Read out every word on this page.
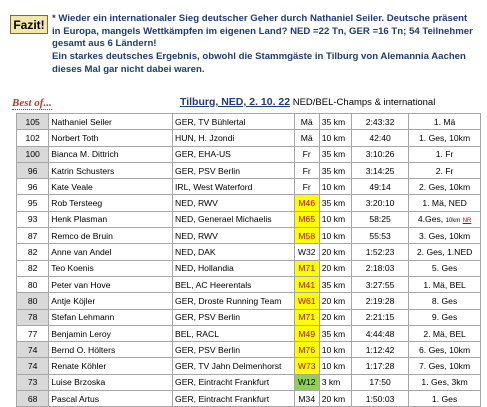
Fazit! * Wieder ein internationaler Sieg deutscher Geher durch Nathaniel Seiler. Deutsche präsent
in Europa, mangels Wettkämpfen im eigenen Land? NED =22 Tn, GER =16 Tn; 54 Teilnehmer
gesamt aus 6 Ländern!
Ein starkes deutsches Ergebnis, obwohl die Stammgäste in Tilburg von Alemannia Aachen
dieses Mal gar nicht dabei waren.
Best of...	Tilburg, NED, 2. 10. 22 NED/BEL-Champs & international
105	Nathaniel Seiler	GER, TV Bühlertal	Mä	35 km	2:43:32	1. Mä
102	Norbert Toth	HUN, H. Jzondi	Mä	10 km	42:40	1. Ges, 10km
100	Bianca M. Dittrich	GER, EHA-US	Fr	35 km	3:10:26	1. Fr
96	Katrin Schusters	GER, PSV Berlin	Fr	35 km	3:14:25	2. Fr
96	Kate Veale	IRL, West Waterford	Fr	10 km	49:14	2. Ges, 10km
95	Rob Tersteeg	NED, RWV	M46	35 km	3:20:10	1. Mä, NED
93	Henk Plasman	NED, Generael Michaelis	M65	10 km	58:25	4.Ges, 10km NR
87	Remco de Bruin	NED, RWV	M58	10 km	55:53	3. Ges, 10km
82	Anne van Andel	NED, DAK	W32	20 km	1:52:23	2. Ges, 1.NED
82	Teo Koenis	NED, Hollandia	M71	20 km	2:18:03	5. Ges
80	Peter van Hove	BEL, AC Heerentals	M41	35 km	3:27:55	1. Mä, BEL
80	Antje Köjler	GER, Droste Running Team	W61	20 km	2:19:28	8. Ges
78	Stefan Lehmann	GER, PSV Berlin	M71	20 km	2:21:15	9. Ges
77	Benjamin Leroy	BEL, RACL	M49	35 km	4:44:48	2. Mä, BEL
74	Bernd O. Hölters	GER, PSV Berlin	M76	10 km	1:12:42	6. Ges, 10km
74	Renate Köhler	GER, TV Jahn Delmenhorst	W73	10 km	1:17:28	7. Ges, 10km
73	Luise Brzoska	GER, Eintracht Frankfurt	W12	3 km	17:50	1. Ges, 3km
68	Pascal Artus	GER, Eintracht Frankfurt	M34	20 km	1:50:03	1. Ges
